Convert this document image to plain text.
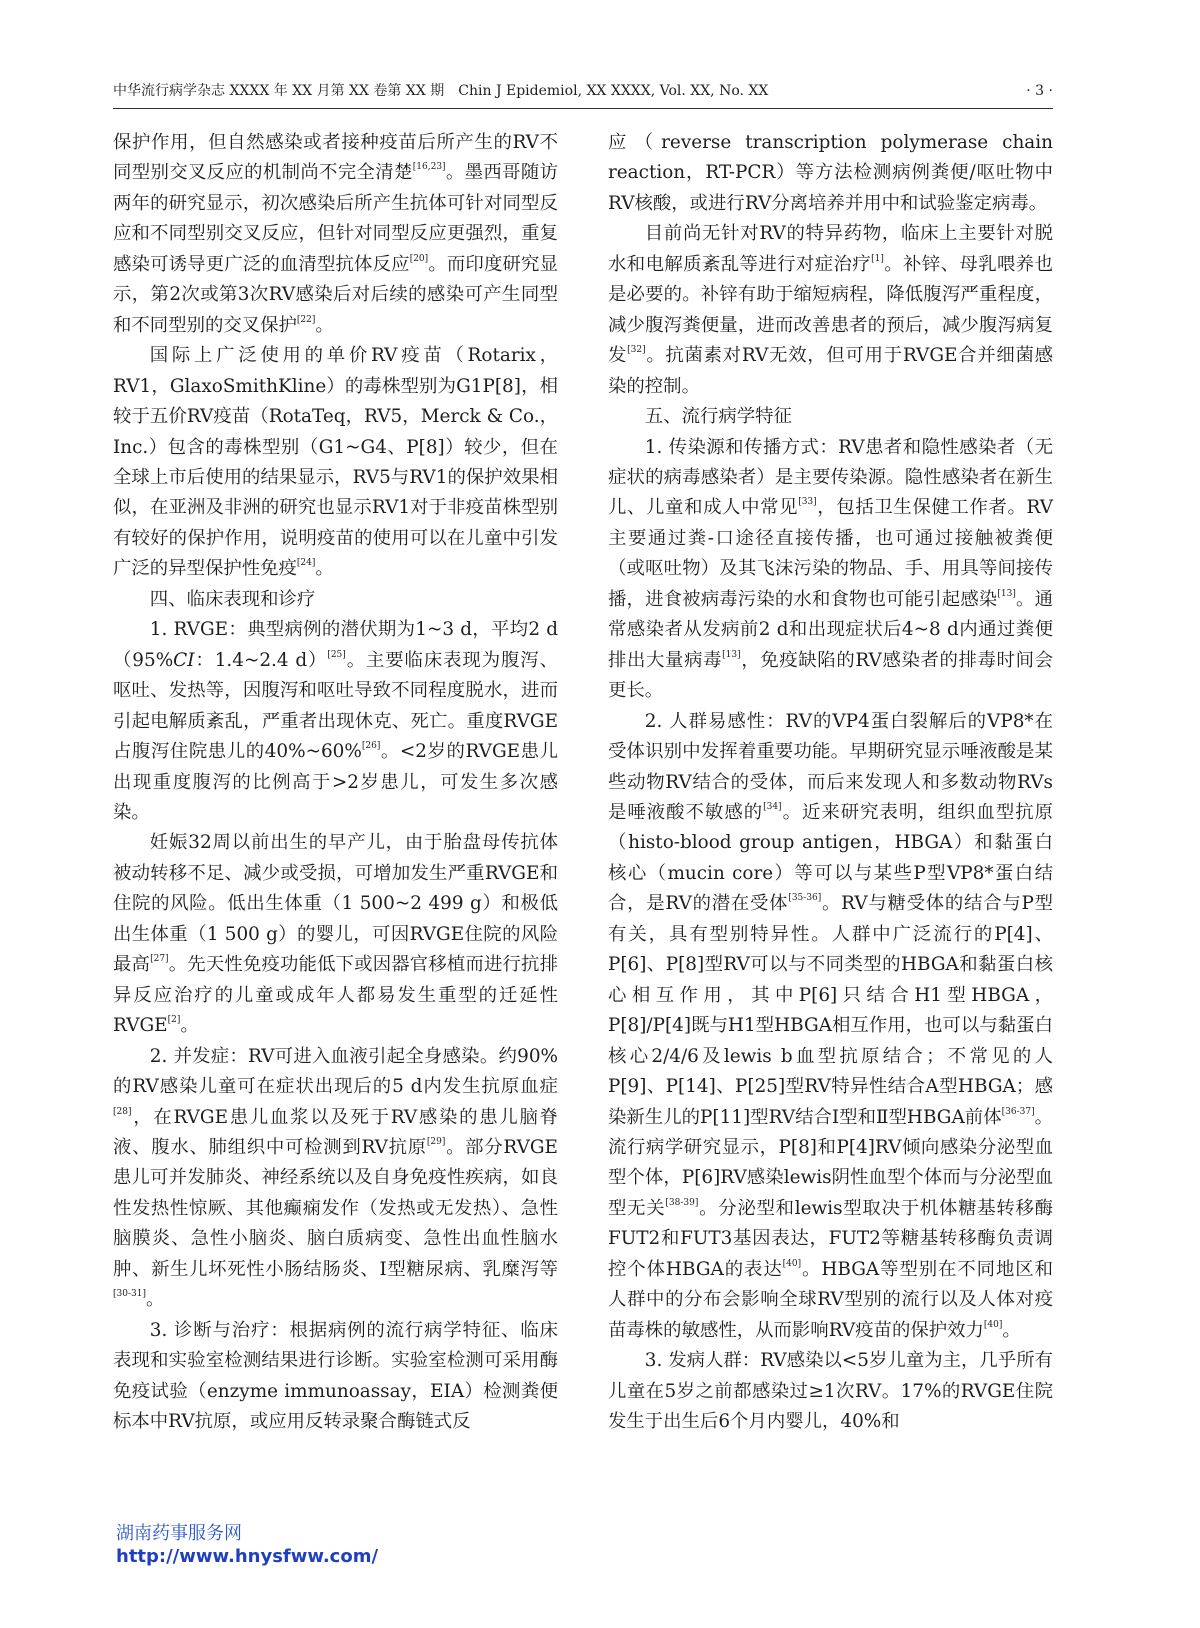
中华流行病学杂志 XXXX 年 XX 月第 XX 卷第 XX 期　Chin J Epidemiol, XX XXXX, Vol. XX, No. XX	· 3 ·

保护作用，但自然感染或者接种疫苗后所产生的RV不同型别交叉反应的机制尚不完全清楚[16,23]。墨西哥随访两年的研究显示，初次感染后所产生抗体可针对同型反应和不同型别交叉反应，但针对同型反应更强烈，重复感染可诱导更广泛的血清型抗体反应[20]。而印度研究显示，第2次或第3次RV感染后对后续的感染可产生同型和不同型别的交叉保护[22]。

国际上广泛使用的单价RV疫苗（Rotarix，RV1，GlaxoSmithKline）的毒株型别为G1P[8]，相较于五价RV疫苗（RotaTeq，RV5，Merck & Co.，Inc.）包含的毒株型别（G1~G4、P[8]）较少，但在全球上市后使用的结果显示，RV5与RV1的保护效果相似，在亚洲及非洲的研究也显示RV1对于非疫苗株型别有较好的保护作用，说明疫苗的使用可以在儿童中引发广泛的异型保护性免疫[24]。

四、临床表现和诊疗

1. RVGE：典型病例的潜伏期为1~3 d，平均2 d（95%CI：1.4~2.4 d）[25]。主要临床表现为腹泻、呕吐、发热等，因腹泻和呕吐导致不同程度脱水，进而引起电解质紊乱，严重者出现休克、死亡。重度RVGE占腹泻住院患儿的40%~60%[26]。<2岁的RVGE患儿出现重度腹泻的比例高于>2岁患儿，可发生多次感染。

妊娠32周以前出生的早产儿，由于胎盘母传抗体被动转移不足、减少或受损，可增加发生严重RVGE和住院的风险。低出生体重（1 500~2 499 g）和极低出生体重（1 500 g）的婴儿，可因RVGE住院的风险最高[27]。先天性免疫功能低下或因器官移植而进行抗排异反应治疗的儿童或成年人都易发生重型的迁延性RVGE[2]。

2. 并发症：RV可进入血液引起全身感染。约90%的RV感染儿童可在症状出现后的5 d内发生抗原血症[28]，在RVGE患儿血浆以及死于RV感染的患儿脑脊液、腹水、肺组织中可检测到RV抗原[29]。部分RVGE患儿可并发肺炎、神经系统以及自身免疫性疾病，如良性发热性惊厥、其他癫痫发作（发热或无发热）、急性脑膜炎、急性小脑炎、脑白质病变、急性出血性脑水肿、新生儿坏死性小肠结肠炎、Ⅰ型糖尿病、乳糜泻等[30-31]。

3. 诊断与治疗：根据病例的流行病学特征、临床表现和实验室检测结果进行诊断。实验室检测可采用酶免疫试验（enzyme immunoassay，EIA）检测粪便标本中RV抗原，或应用反转录聚合酶链式反

应（reverse transcription polymerase chain reaction，RT-PCR）等方法检测病例粪便/呕吐物中RV核酸，或进行RV分离培养并用中和试验鉴定病毒。

目前尚无针对RV的特异药物，临床上主要针对脱水和电解质紊乱等进行对症治疗[1]。补锌、母乳喂养也是必要的。补锌有助于缩短病程，降低腹泻严重程度，减少腹泻粪便量，进而改善患者的预后，减少腹泻病复发[32]。抗菌素对RV无效，但可用于RVGE合并细菌感染的控制。

五、流行病学特征

1. 传染源和传播方式：RV患者和隐性感染者（无症状的病毒感染者）是主要传染源。隐性感染者在新生儿、儿童和成人中常见[33]，包括卫生保健工作者。RV主要通过粪-口途径直接传播，也可通过接触被粪便（或呕吐物）及其飞沫污染的物品、手、用具等间接传播，进食被病毒污染的水和食物也可能引起感染[13]。通常感染者从发病前2 d和出现症状后4~8 d内通过粪便排出大量病毒[13]，免疫缺陷的RV感染者的排毒时间会更长。

2. 人群易感性：RV的VP4蛋白裂解后的VP8*在受体识别中发挥着重要功能。早期研究显示唾液酸是某些动物RV结合的受体，而后来发现人和多数动物RVs是唾液酸不敏感的[34]。近来研究表明，组织血型抗原（histo-blood group antigen，HBGA）和黏蛋白核心（mucin core）等可以与某些P型VP8*蛋白结合，是RV的潜在受体[35-36]。RV与糖受体的结合与P型有关，具有型别特异性。人群中广泛流行的P[4]、P[6]、P[8]型RV可以与不同类型的HBGA和黏蛋白核心相互作用，其中P[6]只结合H1型HBGA，P[8]/P[4]既与H1型HBGA相互作用，也可以与黏蛋白核心2/4/6及lewis b血型抗原结合；不常见的人P[9]、P[14]、P[25]型RV特异性结合A型HBGA；感染新生儿的P[11]型RV结合Ⅰ型和Ⅱ型HBGA前体[36-37]。流行病学研究显示，P[8]和P[4]RV倾向感染分泌型血型个体，P[6]RV感染lewis阴性血型个体而与分泌型血型无关[38-39]。分泌型和lewis型取决于机体糖基转移酶FUT2和FUT3基因表达，FUT2等糖基转移酶负责调控个体HBGA的表达[40]。HBGA等型别在不同地区和人群中的分布会影响全球RV型别的流行以及人体对疫苗毒株的敏感性，从而影响RV疫苗的保护效力[40]。

3. 发病人群：RV感染以<5岁儿童为主，几乎所有儿童在5岁之前都感染过≥1次RV。17%的RVGE住院发生于出生后6个月内婴儿，40%和

湖南药事服务网
http://www.hnysfww.com/
